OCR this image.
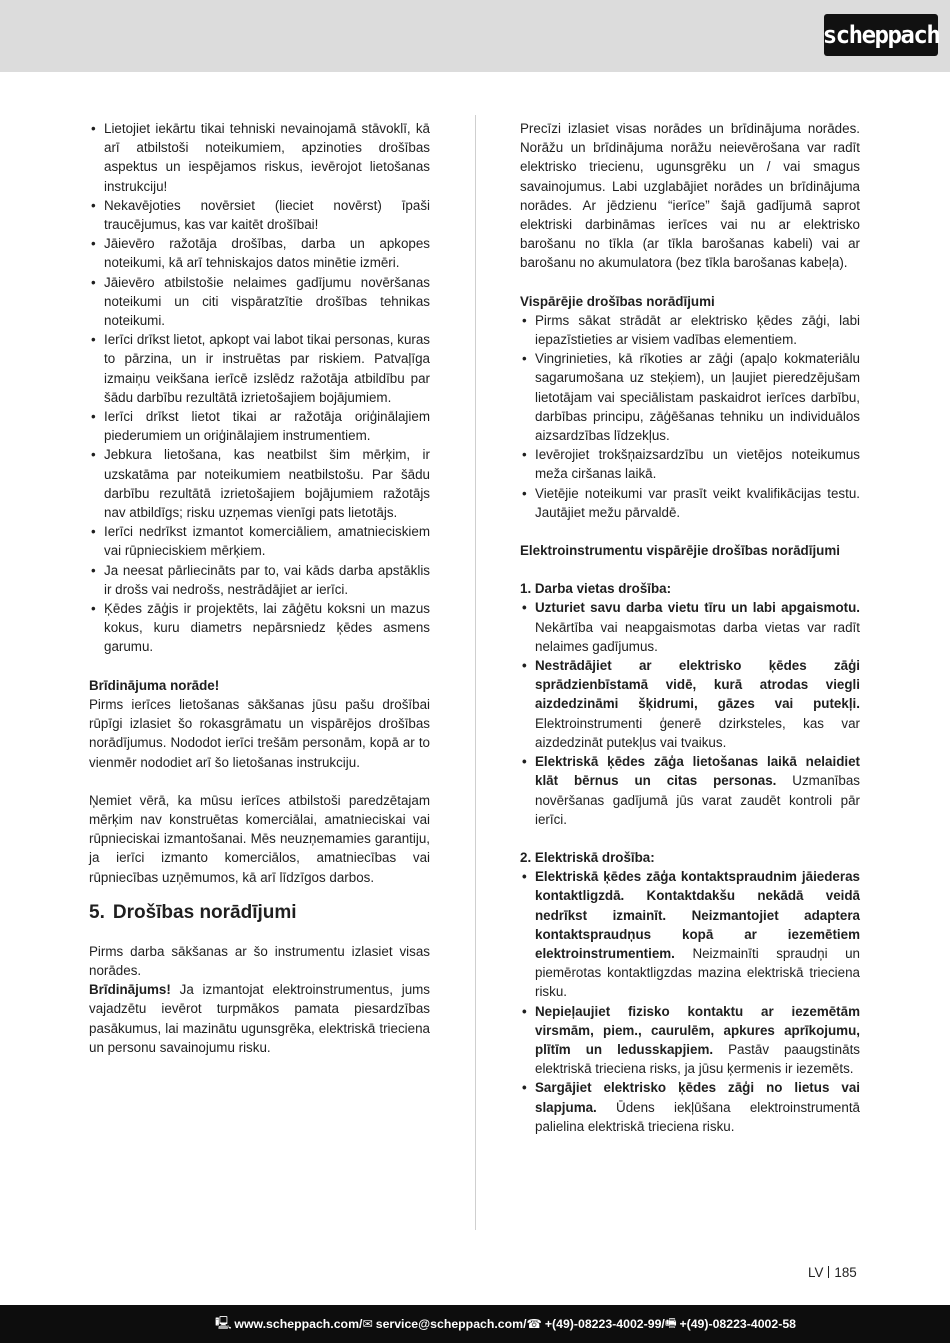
scheppach
• Lietojiet iekārtu tikai tehniski nevainojamā stāvoklī, kā arī atbilstoši noteikumiem, apzinoties drošības aspektus un iespējamos riskus, ievērojot lietošanas instrukciju!
• Nekavējoties novērsiet (lieciet novērst) īpaši traucējumus, kas var kaitēt drošībai!
• Jāievēro ražotāja drošības, darba un apkopes noteikumi, kā arī tehniskajos datos minētie izmēri.
• Jāievēro atbilstošie nelaimes gadījumu novēršanas noteikumi un citi vispāratzītie drošības tehnikas noteikumi.
• Ierīci drīkst lietot, apkopt vai labot tikai personas, kuras to pārzina, un ir instruētas par riskiem. Patvaļīga izmaiņu veikšana ierīcē izslēdz ražotāja atbildību par šādu darbību rezultātā izrietošajiem bojājumiem.
• Ierīci drīkst lietot tikai ar ražotāja oriģinālajiem piederumiem un oriģinālajiem instrumentiem.
• Jebkura lietošana, kas neatbilst šim mērķim, ir uzskatāma par noteikumiem neatbilstošu. Par šādu darbību rezultātā izrietošajiem bojājumiem ražotājs nav atbildīgs; risku uzņemas vienīgi pats lietotājs.
• Ierīci nedrīkst izmantot komerciāliem, amatnieciskiem vai rūpnieciskiem mērķiem.
• Ja neesat pārliecināts par to, vai kāds darba apstāklis ir drošs vai nedrošs, nestrādājiet ar ierīci.
• Ķēdes zāģis ir projektēts, lai zāģētu koksni un mazus kokus, kuru diametrs nepārsniedz ķēdes asmens garumu.

Brīdinājuma norāde!

Pirms ierīces lietošanas sākšanas jūsu pašu drošībai rūpīgi izlasiet šo rokasgrāmatu un vispārējos drošības norādījumus. Nododot ierīci trešām personām, kopā ar to vienmēr nododiet arī šo lietošanas instrukciju.

Ņemiet vērā, ka mūsu ierīces atbilstoši paredzētajam mērķim nav konstruētas komerciālai, amatnieciskai vai rūpnieciskai izmantošanai. Mēs neuzņemamies garantiju, ja ierīci izmanto komerciālos, amatniecības vai rūpniecības uzņēmumos, kā arī līdzīgos darbos.

5. Drošības norādījumi

Pirms darba sākšanas ar šo instrumentu izlasiet visas norādes.

Brīdinājums! Ja izmantojat elektroinstrumentus, jums vajadzētu ievērot turpmākos pamata piesardzības pasākumus, lai mazinātu ugunsgrēka, elektriskā trieciena un personu savainojumu risku.

Precīzi izlasiet visas norādes un brīdinājuma norādes. Norāžu un brīdinājuma norāžu neievērošana var radīt elektrisko triecienu, ugunsgrēku un / vai smagus savainojumus. Labi uzglabājiet norādes un brīdinājuma norādes. Ar jēdzienu “ierīce” šajā gadījumā saprot elektriski darbināmas ierīces vai nu ar elektrisko barošanu no tīkla (ar tīkla barošanas kabeli) vai ar barošanu no akumulatora (bez tīkla barošanas kabeļa).

Vispārējie drošības norādījumi

• Pirms sākat strādāt ar elektrisko ķēdes zāģi, labi iepazīstieties ar visiem vadības elementiem.
• Vingrinieties, kā rīkoties ar zāģi (apaļo kokmateriālu sagarumošana uz steķiem), un ļaujiet pieredzējušam lietotājam vai speciālistam paskaidrot ierīces darbību, darbības principu, zāģēšanas tehniku un individuālos aizsardzības līdzekļus.
• Ievērojiet trokšņaizsardzību un vietējos noteikumus meža ciršanas laikā.
• Vietējie noteikumi var prasīt veikt kvalifikācijas testu. Jautājiet mežu pārvaldē.

Elektroinstrumentu vispārējie drošības norādījumi

1. Darba vietas drošība:

• Uzturiet savu darba vietu tīru un labi apgaismotu. Nekārtība vai neapgaismotas darba vietas var radīt nelaimes gadījumus.
• Nestrādājiet ar elektrisko ķēdes zāģi sprādzienbīstamā vidē, kurā atrodas viegli aizdedzināmi šķidrumi, gāzes vai putekļi. Elektroinstrumenti ģenerē dzirksteles, kas var aizdedzināt putekļus vai tvaikus.
• Elektriskā ķēdes zāģa lietošanas laikā nelaidiet klāt bērnus un citas personas. Uzmanības novēršanas gadījumā jūs varat zaudēt kontroli pār ierīci.

2. Elektriskā drošība:

• Elektriskā ķēdes zāģa kontaktspraudnim jāiederas kontaktligzdā. Kontaktdakšu nekādā veidā nedrīkst izmainīt. Neizmantojiet adaptera kontaktspraudņus kopā ar iezemētiem elektroinstrumentiem. Neizmainīti spraudņi un piemērotas kontaktligzdas mazina elektriskā trieciena risku.
• Nepieļaujiet fizisko kontaktu ar iezemētām virsmām, piem., caurulēm, apkures aprīkojumu, plītīm un ledusskapjiem. Pastāv paaugstināts elektriskā trieciena risks, ja jūsu ķermenis ir iezemēts.
• Sargājiet elektrisko ķēdes zāģi no lietus vai slapjuma. Ūdens iekļūšana elektroinstrumentā palielina elektriskā trieciena risku.
LV 185
🖳 www.scheppach.com / ✉ service@scheppach.com / ☎ +(49)-08223-4002-99 / 🖷 +(49)-08223-4002-58
